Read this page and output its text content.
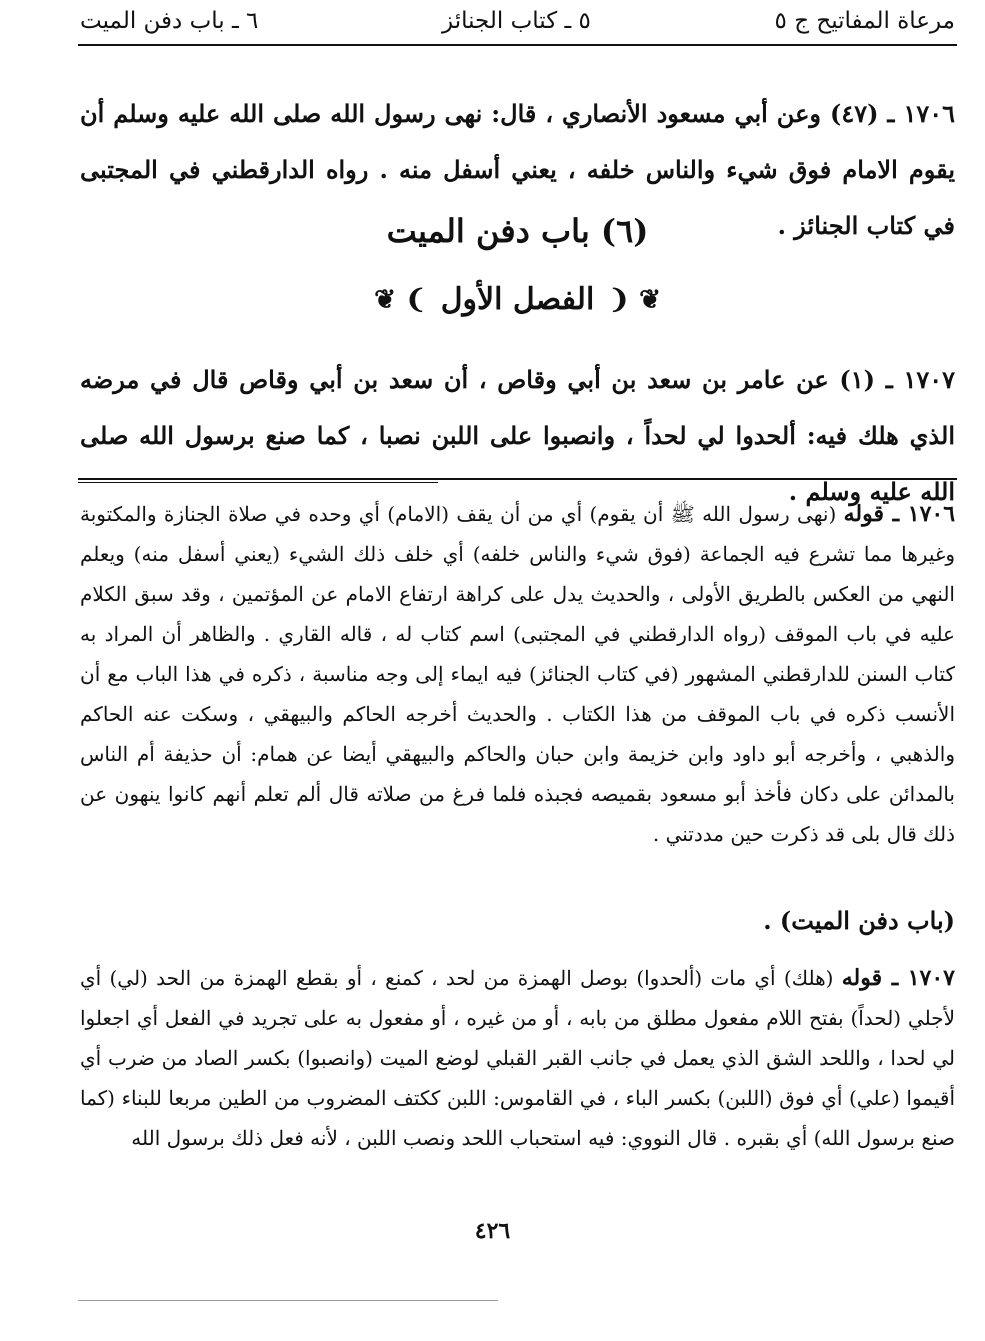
مرعاة المفاتيح ج ٥
٥ ـ كتاب الجنائز
٦ ـ باب دفن الميت
١٧٠٦ ـ (٤٧) وعن أبي مسعود الأنصاري ، قال: نهى رسول الله صلى الله عليه وسلم أن يقوم الامام فوق شيء والناس خلفه ، يعني أسفل منه . رواه الدارقطني في المجتبى في كتاب الجنائز .
(٦) باب دفن الميت
❦ ❨ الفصل الأول ❩ ❦
١٧٠٧ ـ (١) عن عامر بن سعد بن أبي وقاص ، أن سعد بن أبي وقاص قال في مرضه الذي هلك فيه: ألحدوا لي لحداً ، وانصبوا على اللبن نصبا ، كما صنع برسول الله صلى الله عليه وسلم .
١٧٠٦ ـ قوله (نهى رسول الله ﷺ أن يقوم) أي من أن يقف (الامام) أي وحده في صلاة الجنازة والمكتوبة وغيرها مما تشرع فيه الجماعة (فوق شيء والناس خلفه) أي خلف ذلك الشيء (يعني أسفل منه) ويعلم النهي من العكس بالطريق الأولى ، والحديث يدل على كراهة ارتفاع الامام عن المؤتمين ، وقد سبق الكلام عليه في باب الموقف (رواه الدارقطني في المجتبى) اسم كتاب له ، قاله القاري . والظاهر أن المراد به كتاب السنن للدارقطني المشهور (في كتاب الجنائز) فيه ايماء إلى وجه مناسبة ، ذكره في هذا الباب مع أن الأنسب ذكره في باب الموقف من هذا الكتاب . والحديث أخرجه الحاكم والبيهقي ، وسكت عنه الحاكم والذهبي ، وأخرجه أبو داود وابن خزيمة وابن حبان والحاكم والبيهقي أيضا عن همام: أن حذيفة أم الناس بالمدائن على دكان فأخذ أبو مسعود بقميصه فجبذه فلما فرغ من صلاته قال ألم تعلم أنهم كانوا ينهون عن ذلك قال بلى قد ذكرت حين مددتني .
(باب دفن الميت) .
١٧٠٧ ـ قوله (هلك) أي مات (ألحدوا) بوصل الهمزة من لحد ، كمنع ، أو بقطع الهمزة من الحد (لي) أي لأجلي (لحداً) بفتح اللام مفعول مطلق من بابه ، أو من غيره ، أو مفعول به على تجريد في الفعل أي اجعلوا لي لحدا ، واللحد الشق الذي يعمل في جانب القبر القبلي لوضع الميت (وانصبوا) بكسر الصاد من ضرب أي أقيموا (علي) أي فوق (اللبن) بكسر الباء ، في القاموس: اللبن ككتف المضروب من الطين مربعا للبناء (كما صنع برسول الله) أي بقبره . قال النووي: فيه استحباب اللحد ونصب اللبن ، لأنه فعل ذلك برسول الله
٤٢٦
